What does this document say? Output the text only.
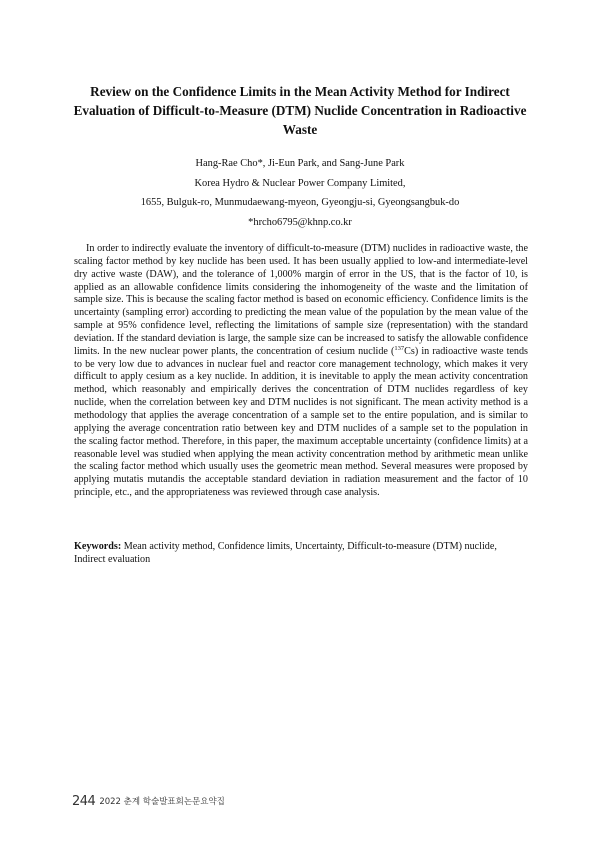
Review on the Confidence Limits in the Mean Activity Method for Indirect Evaluation of Difficult-to-Measure (DTM) Nuclide Concentration in Radioactive Waste
Hang-Rae Cho*, Ji-Eun Park, and Sang-June Park
Korea Hydro & Nuclear Power Company Limited,
1655, Bulguk-ro, Munmudaewang-myeon, Gyeongju-si, Gyeongsangbuk-do
*hrcho6795@khnp.co.kr

In order to indirectly evaluate the inventory of difficult-to-measure (DTM) nuclides in radioactive waste, the scaling factor method by key nuclide has been used. It has been usually applied to low-and intermediate-level dry active waste (DAW), and the tolerance of 1,000% margin of error in the US, that is the factor of 10, is applied as an allowable confidence limits considering the inhomogeneity of the waste and the limitation of sample size. This is because the scaling factor method is based on economic efficiency. Confidence limits is the uncertainty (sampling error) according to predicting the mean value of the population by the mean value of the sample at 95% confidence level, reflecting the limitations of sample size (representation) with the standard deviation. If the standard deviation is large, the sample size can be increased to satisfy the allowable confidence limits. In the new nuclear power plants, the concentration of cesium nuclide ($^{137}$Cs) in radioactive waste tends to be very low due to advances in nuclear fuel and reactor core management technology, which makes it very difficult to apply cesium as a key nuclide. In addition, it is inevitable to apply the mean activity concentration method, which reasonably and empirically derives the concentration of DTM nuclides regardless of key nuclide, when the correlation between key and DTM nuclides is not significant. The mean activity method is a methodology that applies the average concentration of a sample set to the entire population, and is similar to applying the average concentration ratio between key and DTM nuclides of a sample set to the population in the scaling factor method. Therefore, in this paper, the maximum acceptable uncertainty (confidence limits) at a reasonable level was studied when applying the mean activity concentration method by arithmetic mean unlike the scaling factor method which usually uses the geometric mean method. Several measures were proposed by applying mutatis mutandis the acceptable standard deviation in radiation measurement and the factor of 10 principle, etc., and the appropriateness was reviewed through case analysis.

Keywords: Mean activity method, Confidence limits, Uncertainty, Difficult-to-measure (DTM) nuclide, Indirect evaluation

244 2022 춘계 학술발표회논문요약집
